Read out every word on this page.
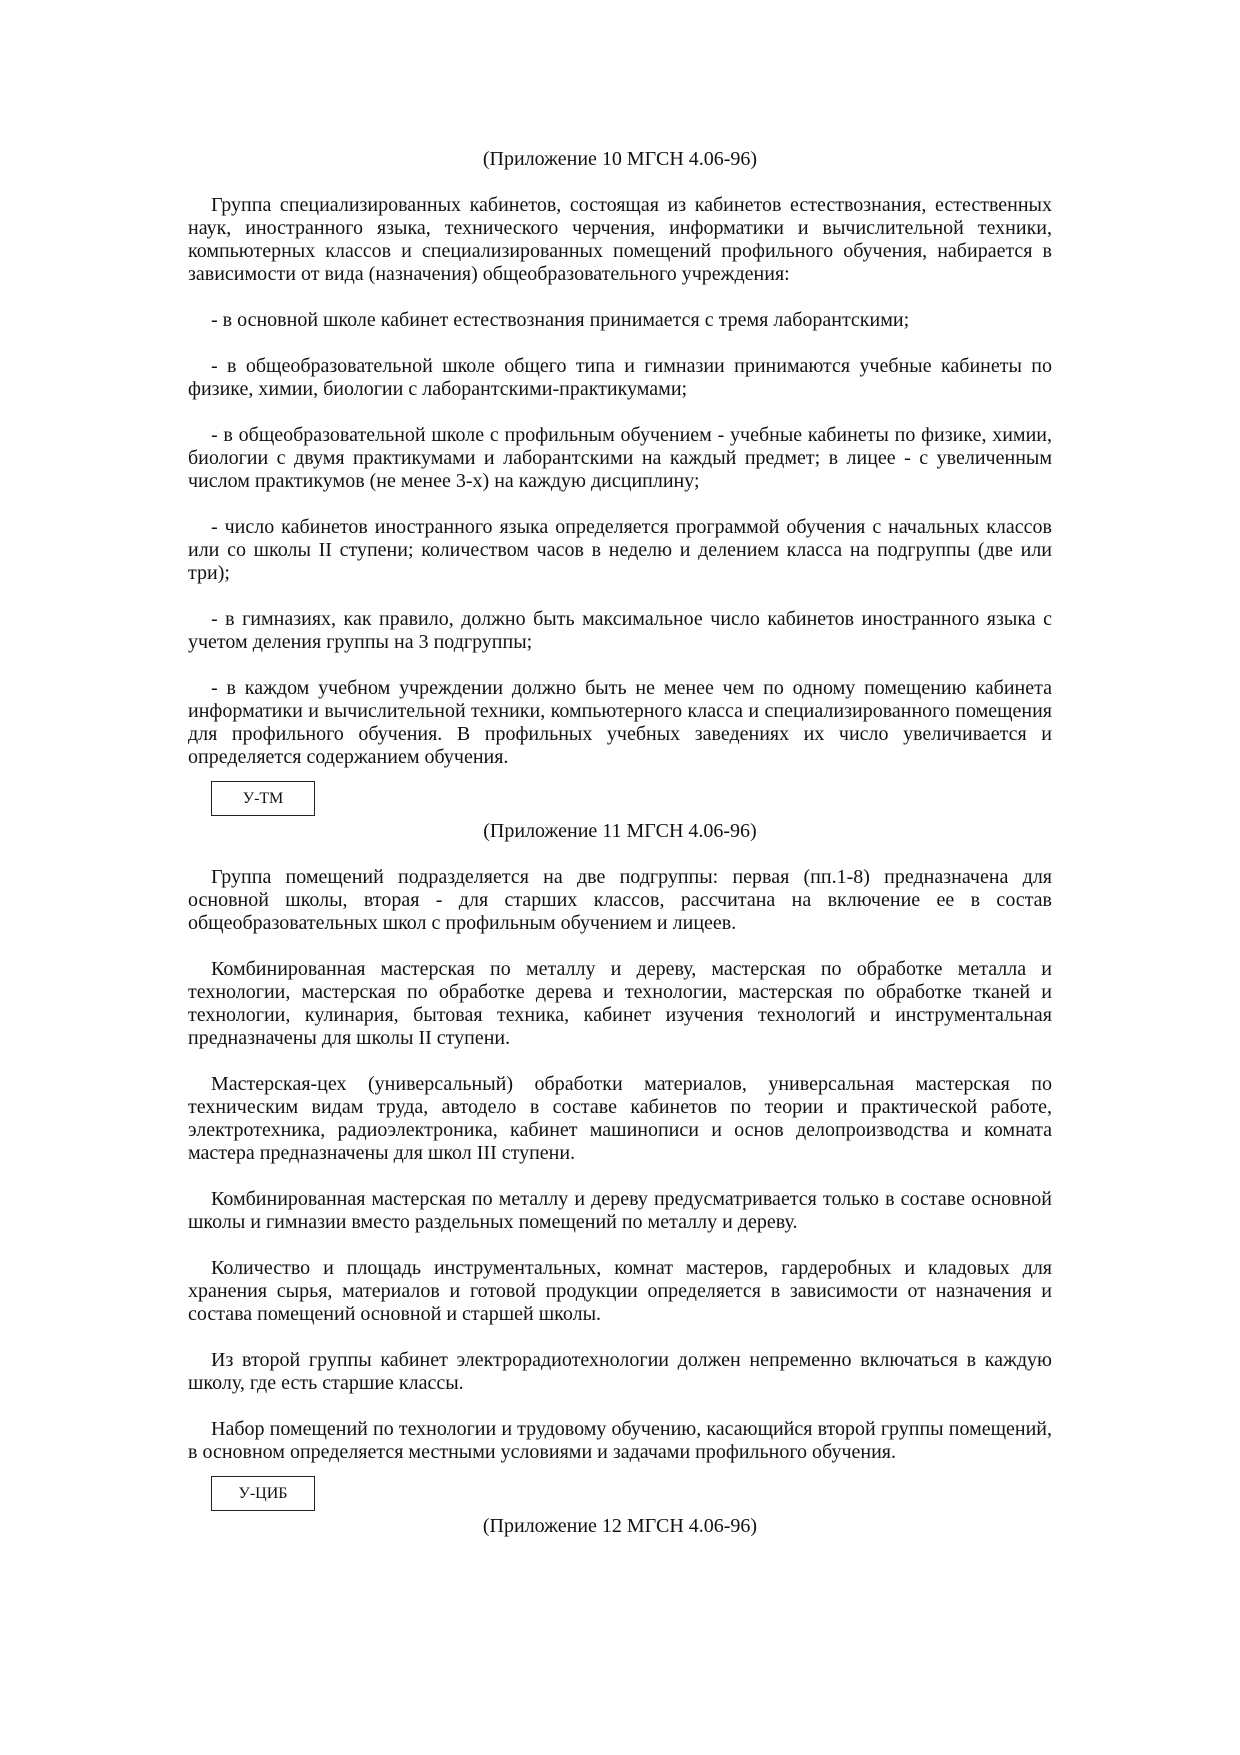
(Приложение 10 МГСН 4.06-96)

Группа специализированных кабинетов, состоящая из кабинетов естествознания, естественных наук, иностранного языка, технического черчения, информатики и вычислительной техники, компьютерных классов и специализированных помещений профильного обучения, набирается в зависимости от вида (назначения) общеобразовательного учреждения:

- в основной школе кабинет естествознания принимается с тремя лаборантскими;

- в общеобразовательной школе общего типа и гимназии принимаются учебные кабинеты по физике, химии, биологии с лаборантскими-практикумами;

- в общеобразовательной школе с профильным обучением - учебные кабинеты по физике, химии, биологии с двумя практикумами и лаборантскими на каждый предмет; в лицее - с увеличенным числом практикумов (не менее 3-х) на каждую дисциплину;

- число кабинетов иностранного языка определяется программой обучения с начальных классов или со школы II ступени; количеством часов в неделю и делением класса на подгруппы (две или три);

- в гимназиях, как правило, должно быть максимальное число кабинетов иностранного языка с учетом деления группы на 3 подгруппы;

- в каждом учебном учреждении должно быть не менее чем по одному помещению кабинета информатики и вычислительной техники, компьютерного класса и специализированного помещения для профильного обучения. В профильных учебных заведениях их число увеличивается и определяется содержанием обучения.

У-ТМ

(Приложение 11 МГСН 4.06-96)

Группа помещений подразделяется на две подгруппы: первая (пп.1-8) предназначена для основной школы, вторая - для старших классов, рассчитана на включение ее в состав общеобразовательных школ с профильным обучением и лицеев.

Комбинированная мастерская по металлу и дереву, мастерская по обработке металла и технологии, мастерская по обработке дерева и технологии, мастерская по обработке тканей и технологии, кулинария, бытовая техника, кабинет изучения технологий и инструментальная предназначены для школы II ступени.

Мастерская-цех (универсальный) обработки материалов, универсальная мастерская по техническим видам труда, автодело в составе кабинетов по теории и практической работе, электротехника, радиоэлектроника, кабинет машинописи и основ делопроизводства и комната мастера предназначены для школ III ступени.

Комбинированная мастерская по металлу и дереву предусматривается только в составе основной школы и гимназии вместо раздельных помещений по металлу и дереву.

Количество и площадь инструментальных, комнат мастеров, гардеробных и кладовых для хранения сырья, материалов и готовой продукции определяется в зависимости от назначения и состава помещений основной и старшей школы.

Из второй группы кабинет электрорадиотехнологии должен непременно включаться в каждую школу, где есть старшие классы.

Набор помещений по технологии и трудовому обучению, касающийся второй группы помещений, в основном определяется местными условиями и задачами профильного обучения.

У-ЦИБ

(Приложение 12 МГСН 4.06-96)
